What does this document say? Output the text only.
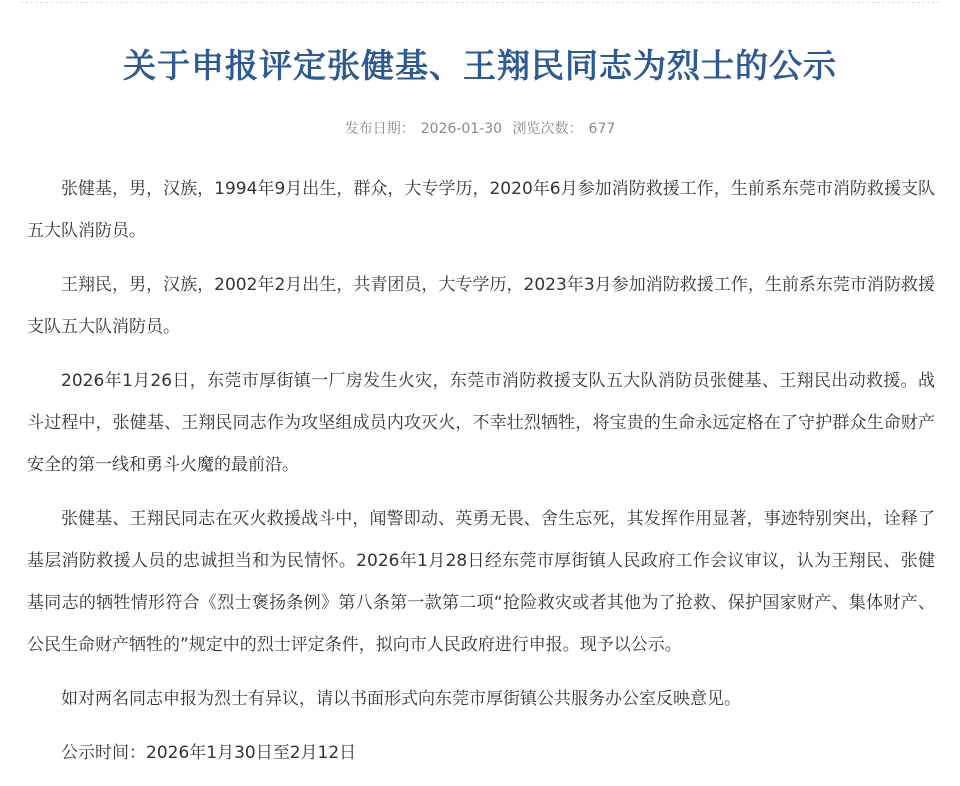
关于申报评定张健基、王翔民同志为烈士的公示
发布日期： 2026-01-30 浏览次数： 677

张健基，男，汉族，1994年9月出生，群众，大专学历，2020年6月参加消防救援工作，生前系东莞市消防救援支队五大队消防员。

王翔民，男，汉族，2002年2月出生，共青团员，大专学历，2023年3月参加消防救援工作，生前系东莞市消防救援支队五大队消防员。

2026年1月26日，东莞市厚街镇一厂房发生火灾，东莞市消防救援支队五大队消防员张健基、王翔民出动救援。战斗过程中，张健基、王翔民同志作为攻坚组成员内攻灭火，不幸壮烈牺牲，将宝贵的生命永远定格在了守护群众生命财产安全的第一线和勇斗火魔的最前沿。

张健基、王翔民同志在灭火救援战斗中，闻警即动、英勇无畏、舍生忘死，其发挥作用显著，事迹特别突出，诠释了基层消防救援人员的忠诚担当和为民情怀。2026年1月28日经东莞市厚街镇人民政府工作会议审议，认为王翔民、张健基同志的牺牲情形符合《烈士褒扬条例》第八条第一款第二项“抢险救灾或者其他为了抢救、保护国家财产、集体财产、公民生命财产牺牲的”规定中的烈士评定条件，拟向市人民政府进行申报。现予以公示。

如对两名同志申报为烈士有异议，请以书面形式向东莞市厚街镇公共服务办公室反映意见。

公示时间：2026年1月30日至2月12日
